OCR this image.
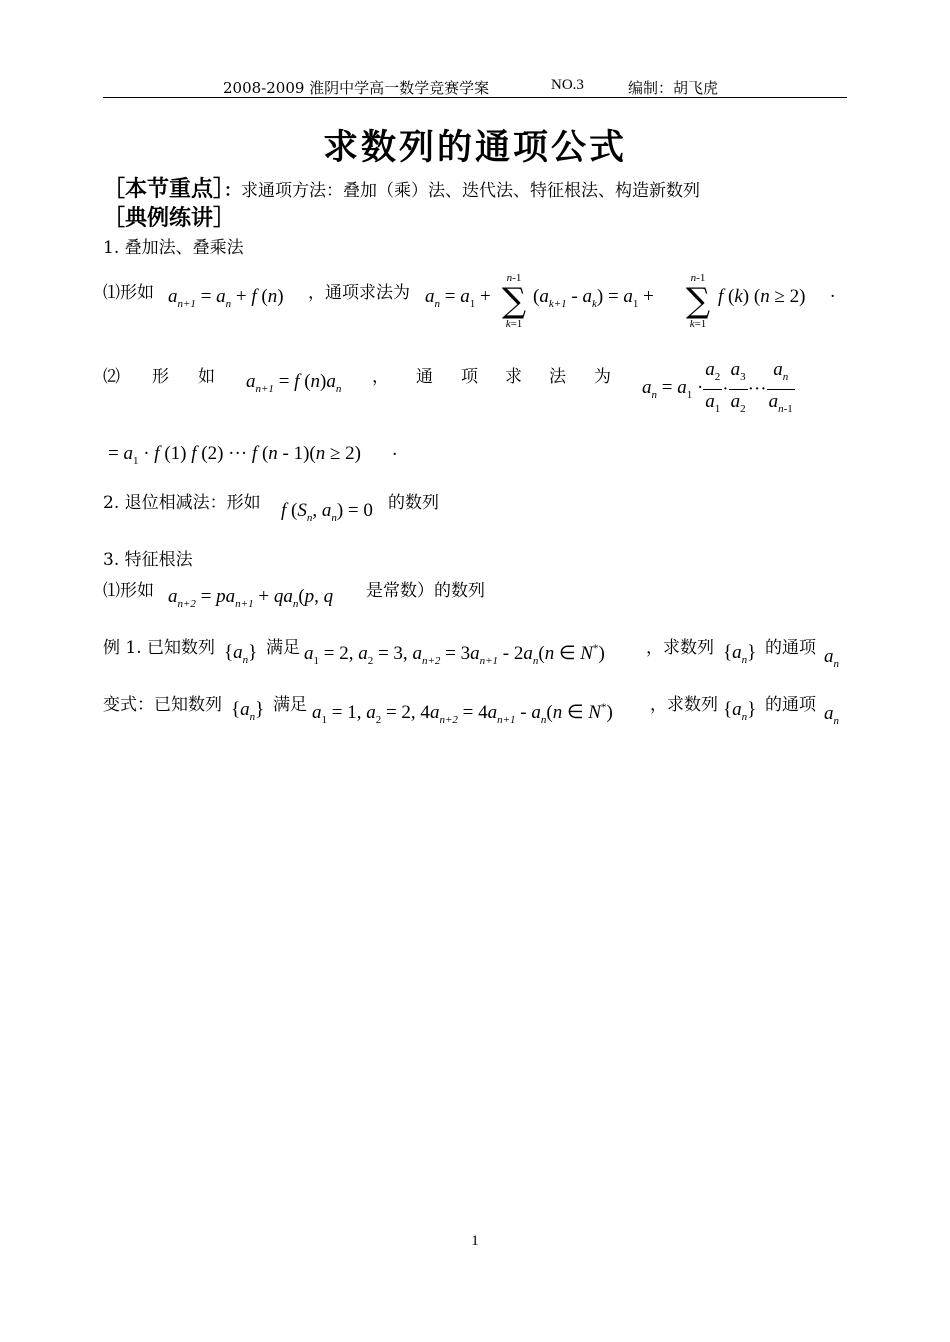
2008-2009 淮阴中学高一数学竞赛学案	NO.3	编制：胡飞虎
求数列的通项公式
［本节重点］：求通项方法：叠加（乘）法、迭代法、特征根法、构造新数列
［典例练讲］
1. 叠加法、叠乘法
⑴形如 $a_{n+1} = a_n + f$ (n) ，通项求法为 $a_n = a_1$ +
n-1
∑
k=1
$(a_{k+1} - a_k) = a_1$ +
n-1
∑
k=1
f (k) (n ≥ 2) .
⑵ 形 如 $a_{n+1} = f$ $(n)a_n$
， 通 项 求 法 为
$a_n = a_1 \cdot \frac{a_2}{a_1} \cdot \frac{a_3}{a_2}$ ··· $\frac{a_n}{a_{n-1}}$
= $a_1 \cdot f$ (1) f (2) ··· f (n - 1)(n ≥ 2) .
2. 退位相减法：形如 f ($S_n$, $a_n) = 0$ 的数列
3. 特征根法
⑴形如 $a_{n+2} = pa_{n+1} + qa_n(p$, q 是常数）的数列
例 1. 已知数列 $\{a_n\}$ 满足 $a_1 = 2$, $a_2 = 3$, $a_{n+2} = 3a_{n+1} - 2a_n(n$ ∈ N*) ，求数列 $\{a_n\}$ 的通项 $a_n$
变式：已知数列 $\{a_n\}$ 满足 $a_1 = 1$, $a_2 = 2$, $4a_{n+2} = 4a_{n+1} - a_n(n$ ∈ N*) ，求数列 $\{a_n\}$ 的通项 $a_n$
1
